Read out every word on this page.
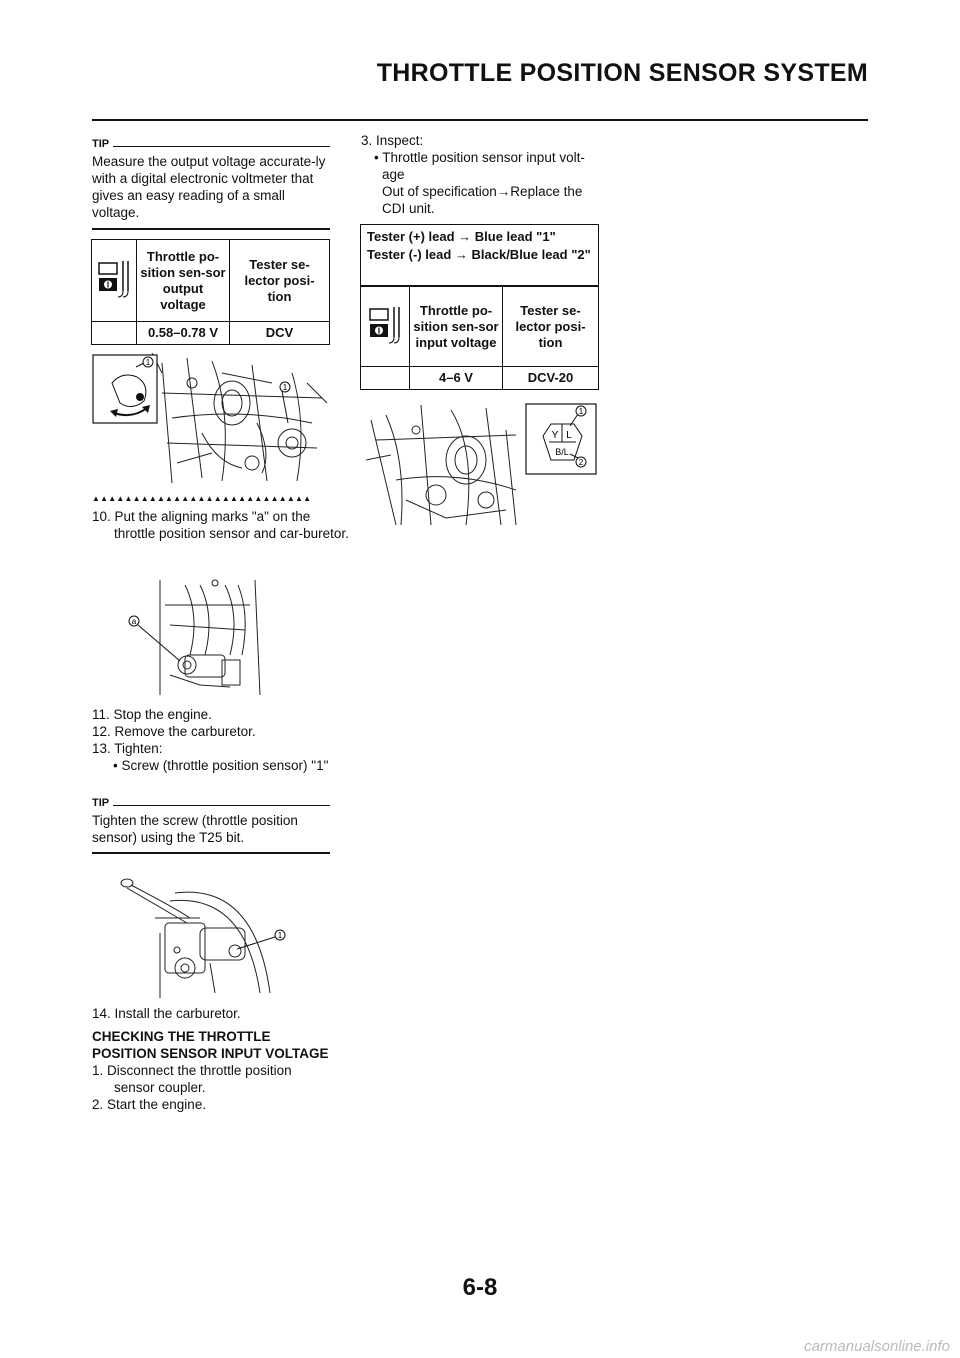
THROTTLE POSITION SENSOR SYSTEM
TIP

Measure the output voltage accurate-ly with a digital electronic voltmeter that gives an easy reading of a small voltage.

	Throttle po-sition sen-sor output voltage	Tester se-lector posi-tion
	0.58–0.78 V	DCV
1
1
▲▲▲▲▲▲▲▲▲▲▲▲▲▲▲▲▲▲▲▲▲▲▲▲▲▲▲

10. Put the aligning marks "a" on the throttle position sensor and car-buretor.

a

11. Stop the engine.

12. Remove the carburetor.

13. Tighten:

• Screw (throttle position sensor) "1"

TIP

Tighten the screw (throttle position sensor) using the T25 bit.

1

14. Install the carburetor.

CHECKING THE THROTTLE POSITION SENSOR INPUT VOLTAGE

1. Disconnect the throttle position sensor coupler.

2. Start the engine.

3. Inspect:

• Throttle position sensor input volt-age

Out of specification→Replace the CDI unit.

Tester (+) lead → Blue lead "1"
Tester (-) lead → Black/Blue lead "2"
	Throttle po-sition sen-sor input voltage	Tester se-lector posi-tion
	4–6 V	DCV-20
Y L
B/L
1
2
6-8
carmanualsonline.info
